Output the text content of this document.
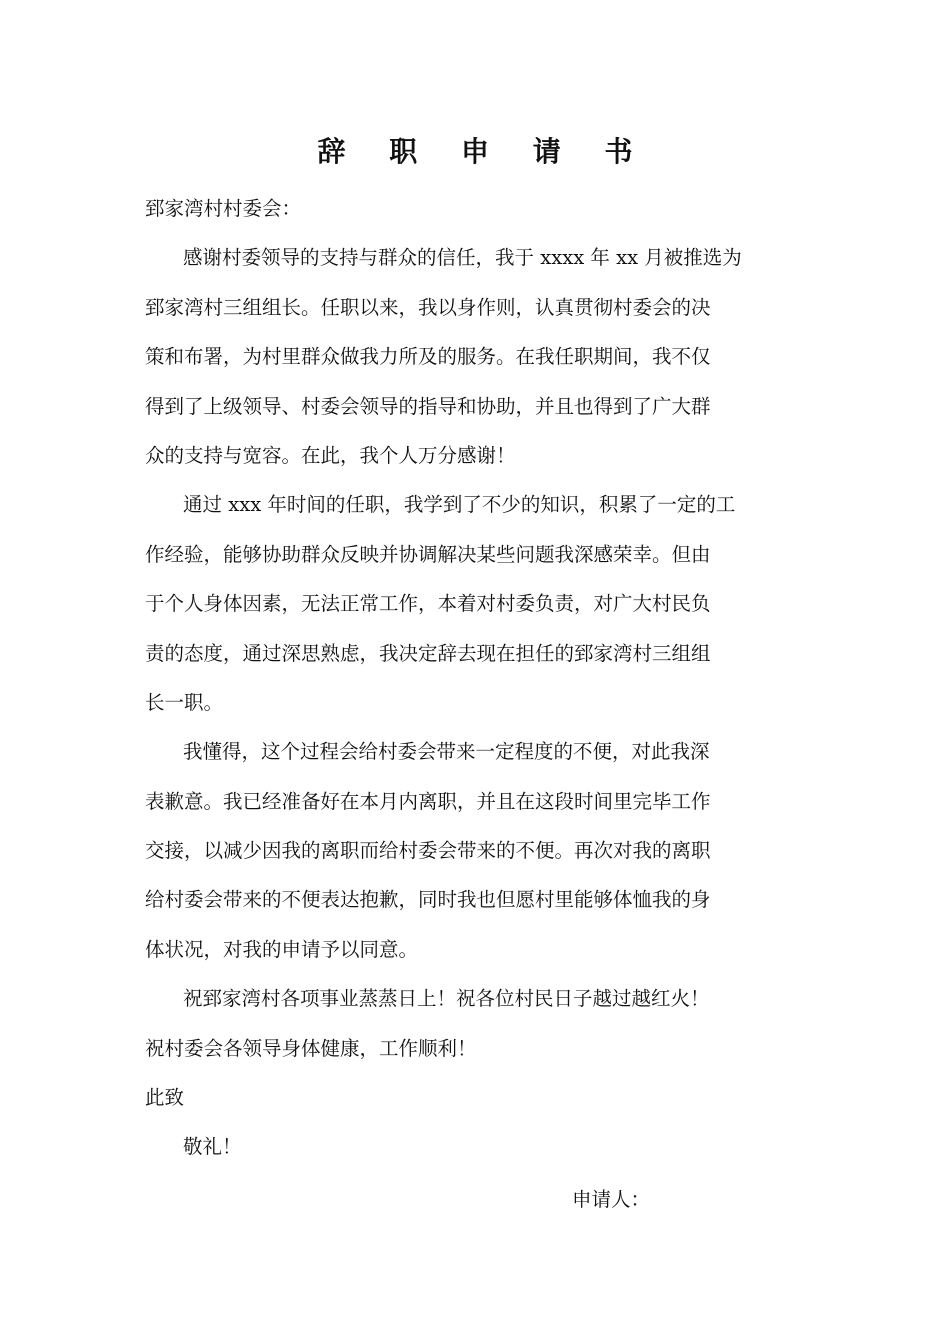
辞 职 申 请 书
郅家湾村村委会：
感谢村委领导的支持与群众的信任，我于 xxxx 年 xx 月被推选为
郅家湾村三组组长。任职以来，我以身作则，认真贯彻村委会的决
策和布署，为村里群众做我力所及的服务。在我任职期间，我不仅
得到了上级领导、村委会领导的指导和协助，并且也得到了广大群
众的支持与宽容。在此，我个人万分感谢！
通过 xxx 年时间的任职，我学到了不少的知识，积累了一定的工
作经验，能够协助群众反映并协调解决某些问题我深感荣幸。但由
于个人身体因素，无法正常工作，本着对村委负责，对广大村民负
责的态度，通过深思熟虑，我决定辞去现在担任的郅家湾村三组组
长一职。
我懂得，这个过程会给村委会带来一定程度的不便，对此我深
表歉意。我已经准备好在本月内离职，并且在这段时间里完毕工作
交接，以减少因我的离职而给村委会带来的不便。再次对我的离职
给村委会带来的不便表达抱歉，同时我也但愿村里能够体恤我的身
体状况，对我的申请予以同意。
祝郅家湾村各项事业蒸蒸日上！祝各位村民日子越过越红火！
祝村委会各领导身体健康，工作顺利！
此致
敬礼！
申请人：
